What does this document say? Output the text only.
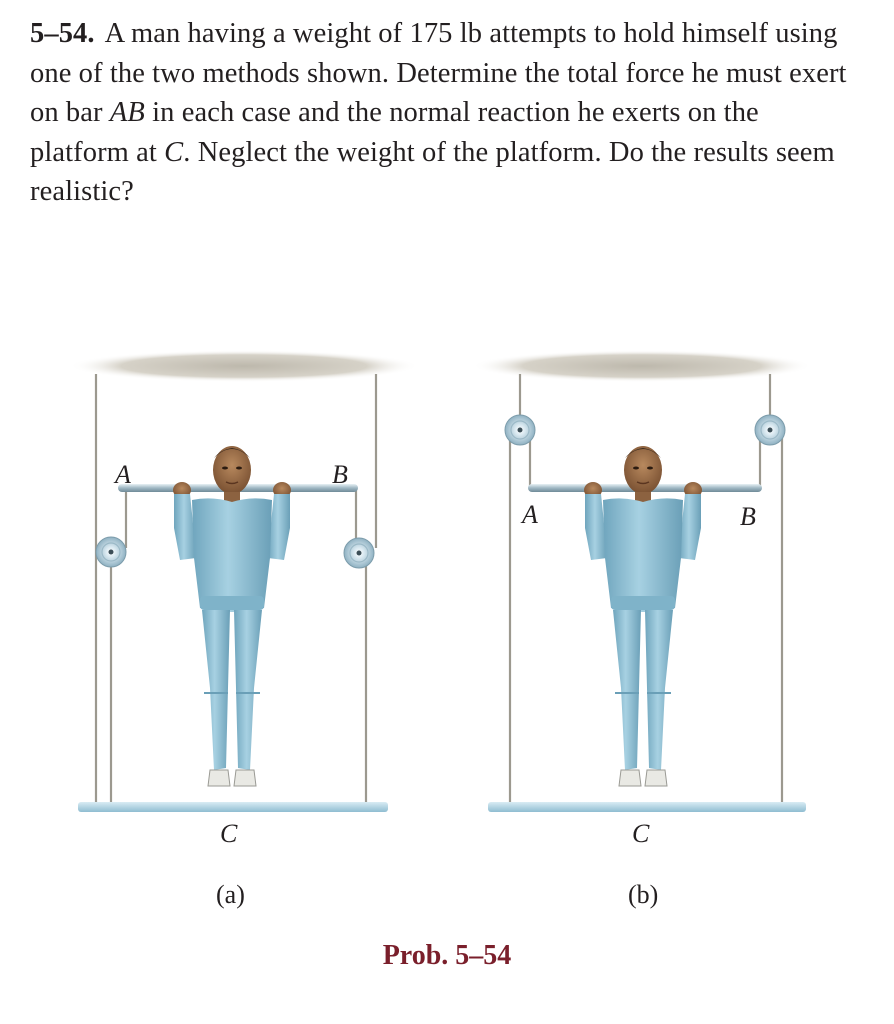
5–54. A man having a weight of 175 lb attempts to hold himself using one of the two methods shown. Determine the total force he must exert on bar AB in each case and the normal reaction he exerts on the platform at C. Neglect the weight of the platform. Do the results seem realistic?

A	B
C
(a)
A	B
C
(b)
Prob. 5–54
